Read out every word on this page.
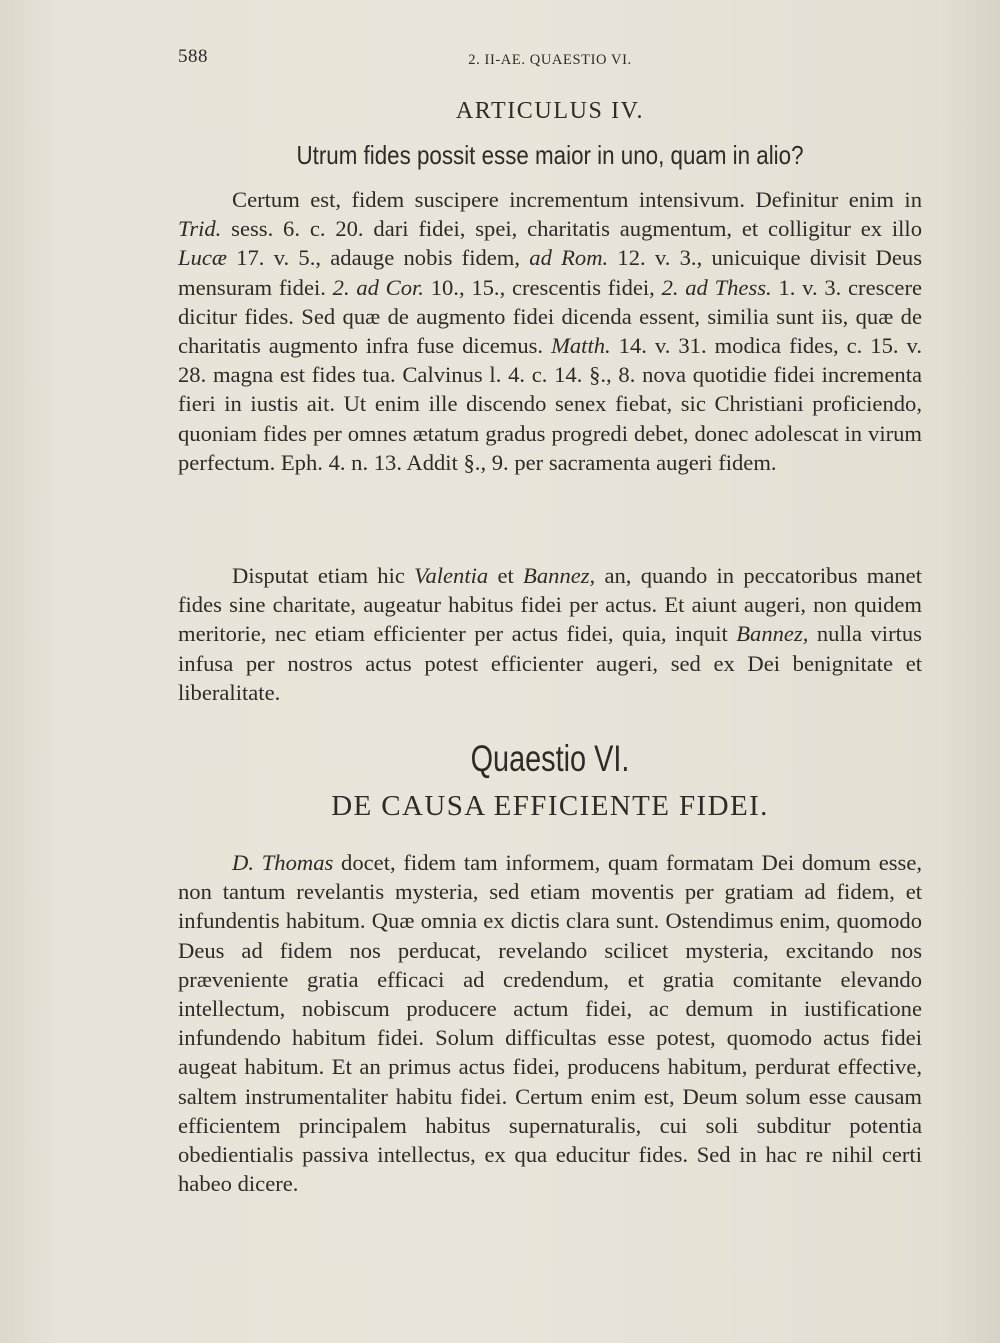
588	2. II-AE. QUAESTIO VI.
ARTICULUS IV.
Utrum fides possit esse maior in uno, quam in alio?

Certum est, fidem suscipere incrementum intensivum. Definitur enim in Trid. sess. 6. c. 20. dari fidei, spei, charitatis augmentum, et colligitur ex illo Lucæ 17. v. 5., adauge nobis fidem, ad Rom. 12. v. 3., unicuique divisit Deus mensuram fidei. 2. ad Cor. 10., 15., crescentis fidei, 2. ad Thess. 1. v. 3. crescere dicitur fides. Sed quæ de augmento fidei dicenda essent, similia sunt iis, quæ de charitatis augmento infra fuse dicemus. Matth. 14. v. 31. modica fides, c. 15. v. 28. magna est fides tua. Calvinus l. 4. c. 14. §., 8. nova quotidie fidei incrementa fieri in iustis ait. Ut enim ille discendo senex fiebat, sic Christiani proficiendo, quoniam fides per omnes ætatum gradus progredi debet, donec adolescat in virum perfectum. Eph. 4. n. 13. Addit §., 9. per sacramenta augeri fidem.

Disputat etiam hic Valentia et Bannez, an, quando in peccatoribus manet fides sine charitate, augeatur habitus fidei per actus. Et aiunt augeri, non quidem meritorie, nec etiam efficienter per actus fidei, quia, inquit Bannez, nulla virtus infusa per nostros actus potest efficienter augeri, sed ex Dei benignitate et liberalitate.

Quaestio VI.
DE CAUSA EFFICIENTE FIDEI.

D. Thomas docet, fidem tam informem, quam formatam Dei domum esse, non tantum revelantis mysteria, sed etiam moventis per gratiam ad fidem, et infundentis habitum. Quæ omnia ex dictis clara sunt. Ostendimus enim, quomodo Deus ad fidem nos perducat, revelando scilicet mysteria, excitando nos præveniente gratia efficaci ad credendum, et gratia comitante elevando intellectum, nobiscum producere actum fidei, ac demum in iustificatione infundendo habitum fidei. Solum difficultas esse potest, quomodo actus fidei augeat habitum. Et an primus actus fidei, producens habitum, perdurat effective, saltem instrumentaliter habitu fidei. Certum enim est, Deum solum esse causam efficientem principalem habitus supernaturalis, cui soli subditur potentia obedientialis passiva intellectus, ex qua educitur fides. Sed in hac re nihil certi habeo dicere.
